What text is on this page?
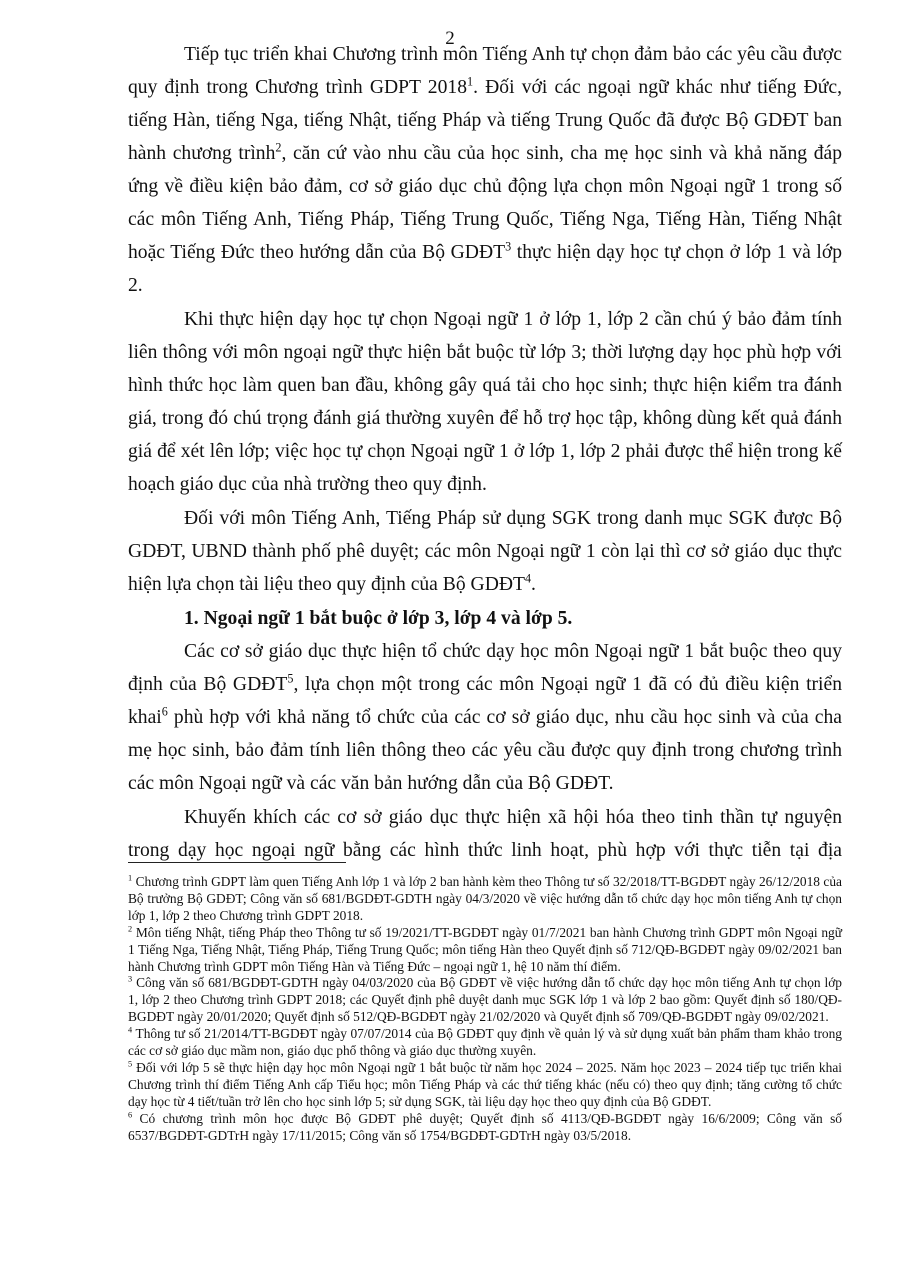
2

Tiếp tục triển khai Chương trình môn Tiếng Anh tự chọn đảm bảo các yêu cầu được quy định trong Chương trình GDPT 2018$^1$. Đối với các ngoại ngữ khác như tiếng Đức, tiếng Hàn, tiếng Nga, tiếng Nhật, tiếng Pháp và tiếng Trung Quốc đã được Bộ GDĐT ban hành chương trình$^2$, căn cứ vào nhu cầu của học sinh, cha mẹ học sinh và khả năng đáp ứng về điều kiện bảo đảm, cơ sở giáo dục chủ động lựa chọn môn Ngoại ngữ 1 trong số các môn Tiếng Anh, Tiếng Pháp, Tiếng Trung Quốc, Tiếng Nga, Tiếng Hàn, Tiếng Nhật hoặc Tiếng Đức theo hướng dẫn của Bộ GDĐT$^3$ thực hiện dạy học tự chọn ở lớp 1 và lớp 2.

Khi thực hiện dạy học tự chọn Ngoại ngữ 1 ở lớp 1, lớp 2 cần chú ý bảo đảm tính liên thông với môn ngoại ngữ thực hiện bắt buộc từ lớp 3; thời lượng dạy học phù hợp với hình thức học làm quen ban đầu, không gây quá tải cho học sinh; thực hiện kiểm tra đánh giá, trong đó chú trọng đánh giá thường xuyên để hỗ trợ học tập, không dùng kết quả đánh giá để xét lên lớp; việc học tự chọn Ngoại ngữ 1 ở lớp 1, lớp 2 phải được thể hiện trong kế hoạch giáo dục của nhà trường theo quy định.

Đối với môn Tiếng Anh, Tiếng Pháp sử dụng SGK trong danh mục SGK được Bộ GDĐT, UBND thành phố phê duyệt; các môn Ngoại ngữ 1 còn lại thì cơ sở giáo dục thực hiện lựa chọn tài liệu theo quy định của Bộ GDĐT$^4$.

1. Ngoại ngữ 1 bắt buộc ở lớp 3, lớp 4 và lớp 5.

Các cơ sở giáo dục thực hiện tổ chức dạy học môn Ngoại ngữ 1 bắt buộc theo quy định của Bộ GDĐT$^5$, lựa chọn một trong các môn Ngoại ngữ 1 đã có đủ điều kiện triển khai$^6$ phù hợp với khả năng tổ chức của các cơ sở giáo dục, nhu cầu học sinh và của cha mẹ học sinh, bảo đảm tính liên thông theo các yêu cầu được quy định trong chương trình các môn Ngoại ngữ và các văn bản hướng dẫn của Bộ GDĐT.

Khuyến khích các cơ sở giáo dục thực hiện xã hội hóa theo tinh thần tự nguyện trong dạy học ngoại ngữ bằng các hình thức linh hoạt, phù hợp với thực tiễn tại địa

$^1$ Chương trình GDPT làm quen Tiếng Anh lớp 1 và lớp 2 ban hành kèm theo Thông tư số 32/2018/TT-BGDĐT ngày 26/12/2018 của Bộ trưởng Bộ GDĐT; Công văn số 681/BGDĐT-GDTH ngày 04/3/2020 về việc hướng dẫn tổ chức dạy học môn tiếng Anh tự chọn lớp 1, lớp 2 theo Chương trình GDPT 2018.

$^2$ Môn tiếng Nhật, tiếng Pháp theo Thông tư số 19/2021/TT-BGDĐT ngày 01/7/2021 ban hành Chương trình GDPT môn Ngoại ngữ 1 Tiếng Nga, Tiếng Nhật, Tiếng Pháp, Tiếng Trung Quốc; môn tiếng Hàn theo Quyết định số 712/QĐ-BGDĐT ngày 09/02/2021 ban hành Chương trình GDPT môn Tiếng Hàn và Tiếng Đức – ngoại ngữ 1, hệ 10 năm thí điểm.

$^3$ Công văn số 681/BGDĐT-GDTH ngày 04/03/2020 của Bộ GDĐT về việc hướng dẫn tổ chức dạy học môn tiếng Anh tự chọn lớp 1, lớp 2 theo Chương trình GDPT 2018; các Quyết định phê duyệt danh mục SGK lớp 1 và lớp 2 bao gồm: Quyết định số 180/QĐ-BGDĐT ngày 20/01/2020; Quyết định số 512/QĐ-BGDĐT ngày 21/02/2020 và Quyết định số 709/QĐ-BGDĐT ngày 09/02/2021.

$^4$ Thông tư số 21/2014/TT-BGDĐT ngày 07/07/2014 của Bộ GDĐT quy định về quản lý và sử dụng xuất bản phẩm tham khảo trong các cơ sở giáo dục mầm non, giáo dục phổ thông và giáo dục thường xuyên.

$^5$ Đối với lớp 5 sẽ thực hiện dạy học môn Ngoại ngữ 1 bắt buộc từ năm học 2024 – 2025. Năm học 2023 – 2024 tiếp tục triển khai Chương trình thí điểm Tiếng Anh cấp Tiểu học; môn Tiếng Pháp và các thứ tiếng khác (nếu có) theo quy định; tăng cường tổ chức dạy học từ 4 tiết/tuần trở lên cho học sinh lớp 5; sử dụng SGK, tài liệu dạy học theo quy định của Bộ GDĐT.

$^6$ Có chương trình môn học được Bộ GDĐT phê duyệt; Quyết định số 4113/QĐ-BGDĐT ngày 16/6/2009; Công văn số 6537/BGDĐT-GDTrH ngày 17/11/2015; Công văn số 1754/BGDĐT-GDTrH ngày 03/5/2018.
